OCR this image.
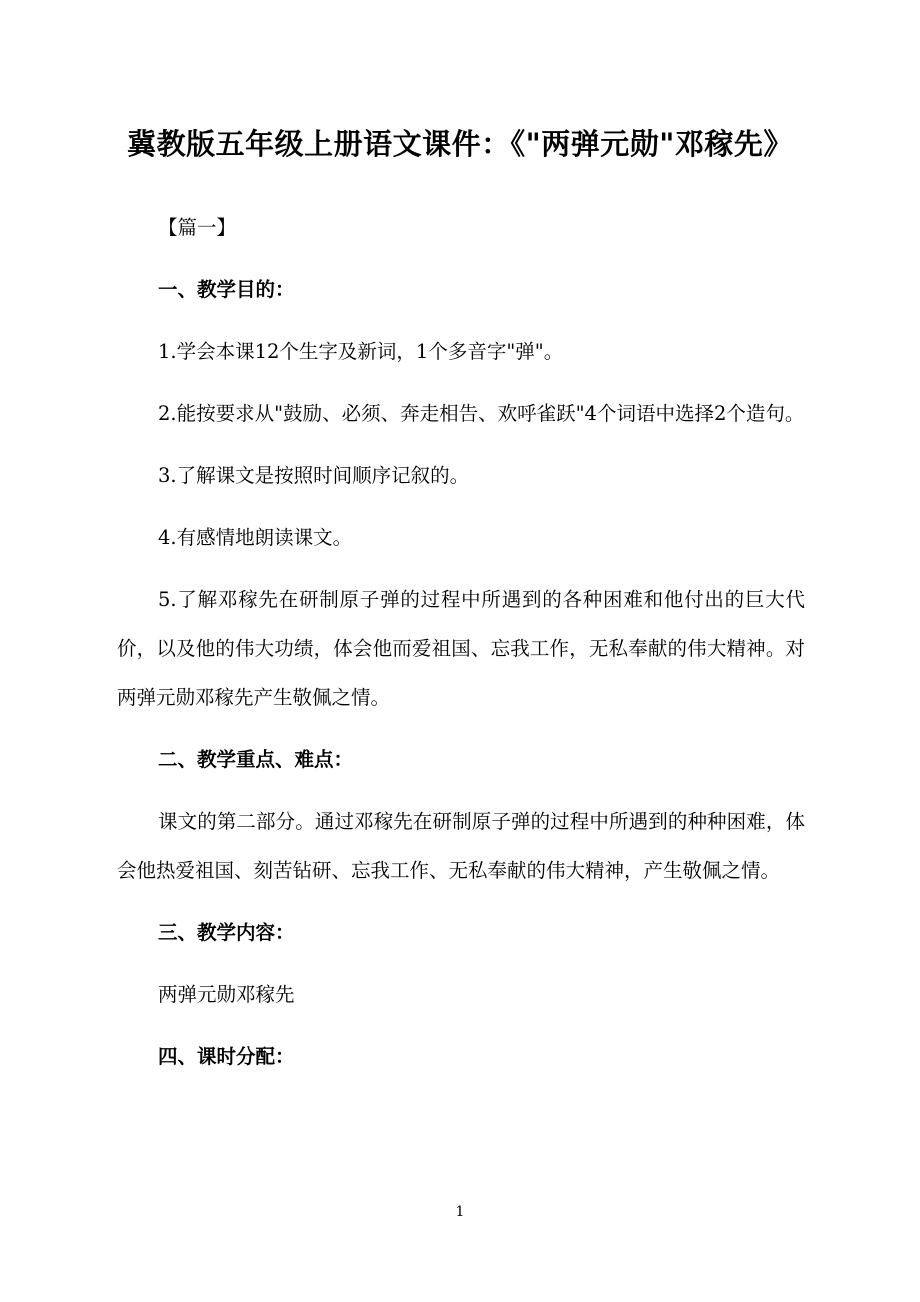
冀教版五年级上册语文课件：《"两弹元勋"邓稼先》

【篇一】

一、教学目的：

1.学会本课12个生字及新词，1个多音字"弹"。

2.能按要求从"鼓励、必须、奔走相告、欢呼雀跃"4个词语中选择2个造句。

3.了解课文是按照时间顺序记叙的。

4.有感情地朗读课文。

5.了解邓稼先在研制原子弹的过程中所遇到的各种困难和他付出的巨大代价，以及他的伟大功绩，体会他而爱祖国、忘我工作，无私奉献的伟大精神。对两弹元勋邓稼先产生敬佩之情。

二、教学重点、难点：

课文的第二部分。通过邓稼先在研制原子弹的过程中所遇到的种种困难，体会他热爱祖国、刻苦钻研、忘我工作、无私奉献的伟大精神，产生敬佩之情。

三、教学内容：

两弹元勋邓稼先

四、课时分配：

1
